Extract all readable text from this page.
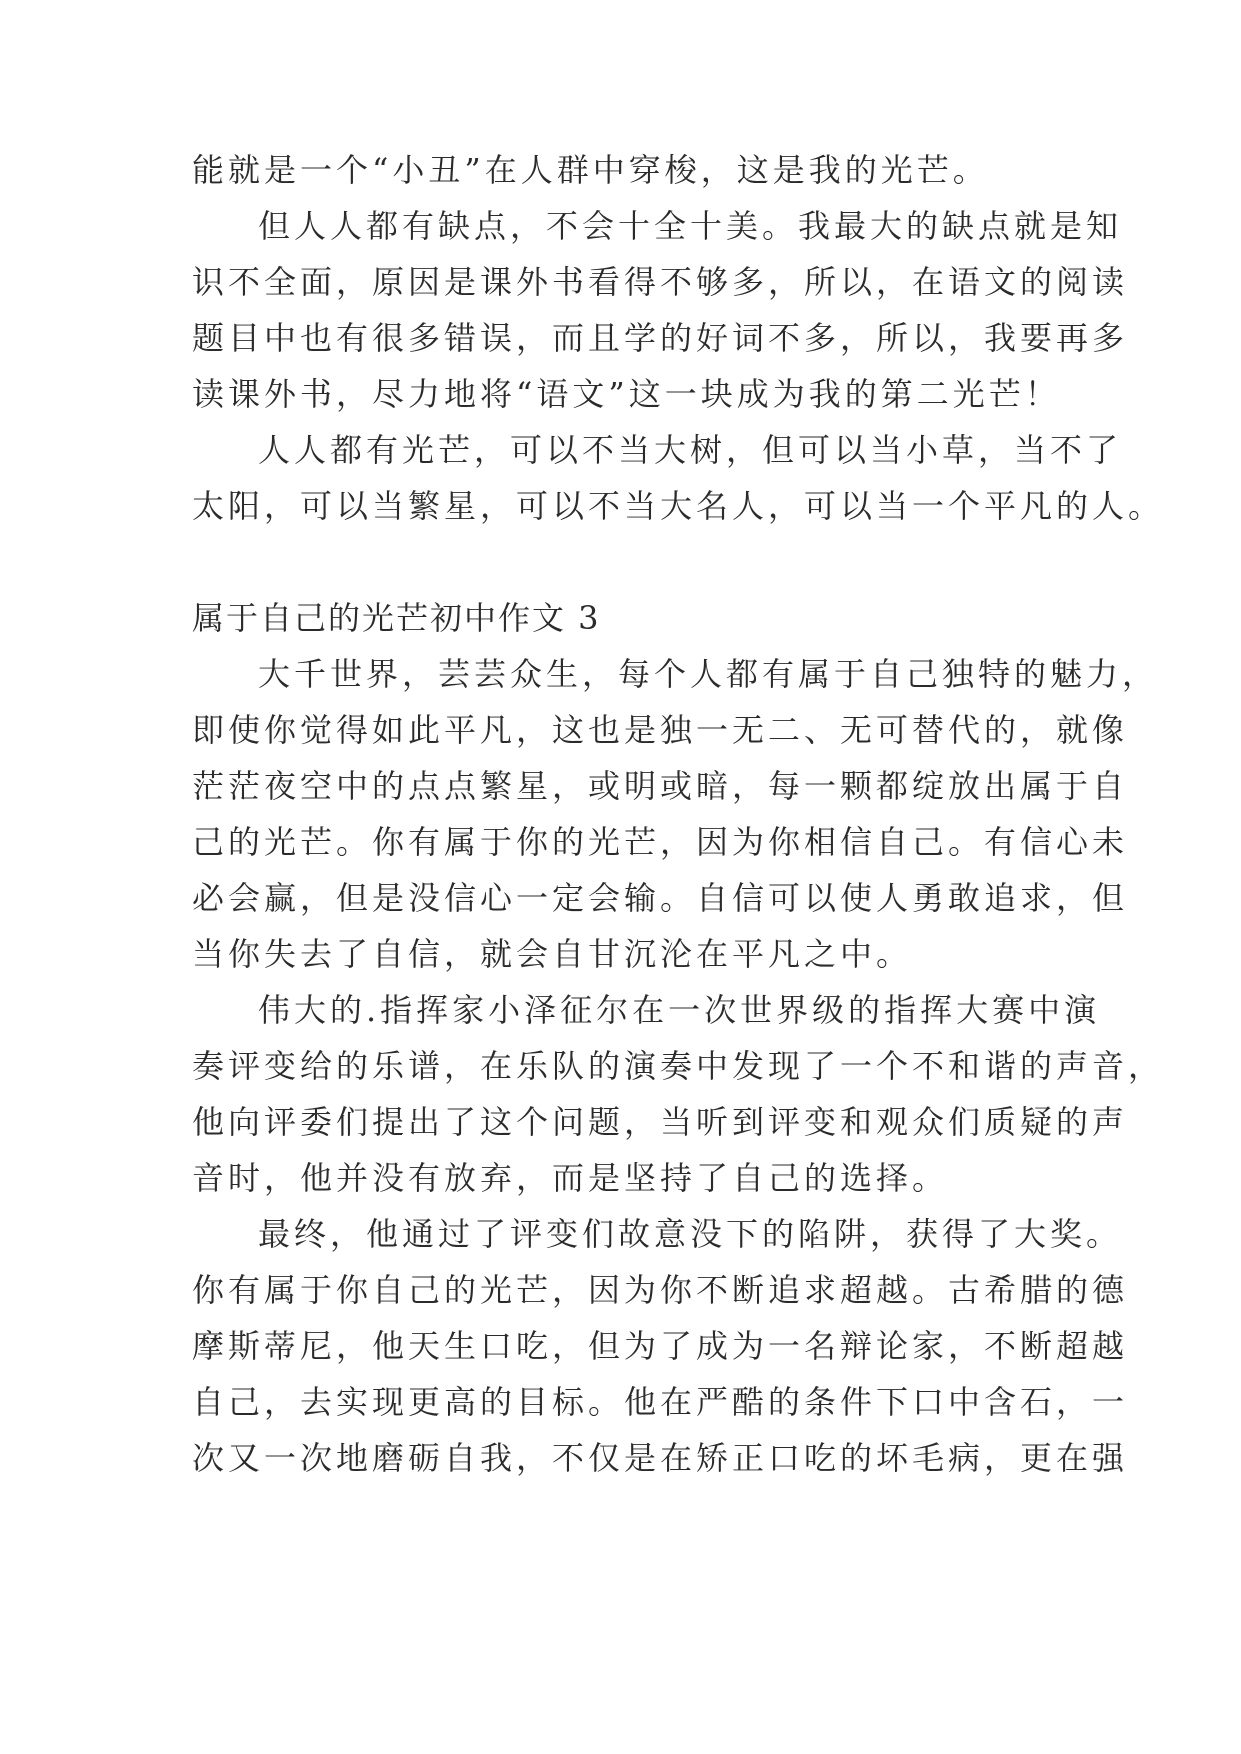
能就是一个“小丑”在人群中穿梭，这是我的光芒。
但人人都有缺点，不会十全十美。我最大的缺点就是知
识不全面，原因是课外书看得不够多，所以，在语文的阅读
题目中也有很多错误，而且学的好词不多，所以，我要再多
读课外书，尽力地将“语文”这一块成为我的第二光芒！
人人都有光芒，可以不当大树，但可以当小草，当不了
太阳，可以当繁星，可以不当大名人，可以当一个平凡的人。
属于自己的光芒初中作文 3
大千世界，芸芸众生，每个人都有属于自己独特的魅力，
即使你觉得如此平凡，这也是独一无二、无可替代的，就像
茫茫夜空中的点点繁星，或明或暗，每一颗都绽放出属于自
己的光芒。你有属于你的光芒，因为你相信自己。有信心未
必会赢，但是没信心一定会输。自信可以使人勇敢追求，但
当你失去了自信，就会自甘沉沦在平凡之中。
伟大的.指挥家小泽征尔在一次世界级的指挥大赛中演
奏评变给的乐谱，在乐队的演奏中发现了一个不和谐的声音，
他向评委们提出了这个问题，当听到评变和观众们质疑的声
音时，他并没有放弃，而是坚持了自己的选择。
最终，他通过了评变们故意没下的陷阱，获得了大奖。
你有属于你自己的光芒，因为你不断追求超越。古希腊的德
摩斯蒂尼，他天生口吃，但为了成为一名辩论家，不断超越
自己，去实现更高的目标。他在严酷的条件下口中含石，一
次又一次地磨砺自我，不仅是在矫正口吃的坏毛病，更在强
